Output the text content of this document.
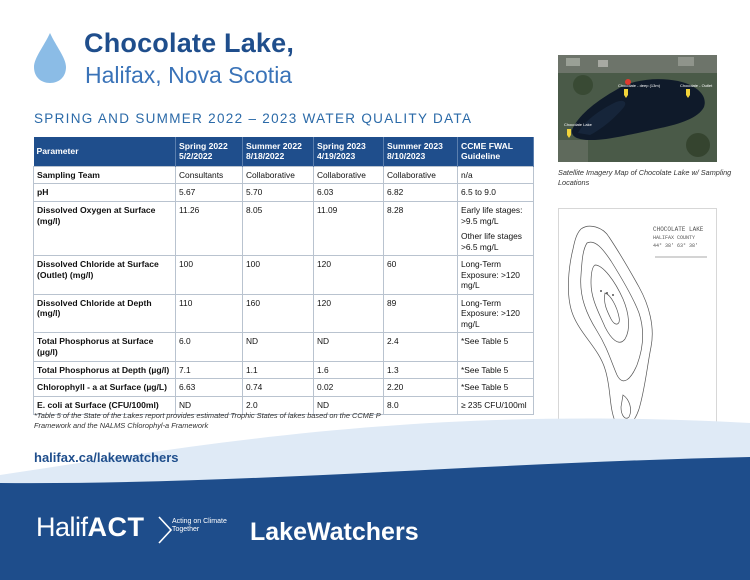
Chocolate Lake,
Halifax, Nova Scotia
SPRING AND SUMMER 2022 – 2023 WATER QUALITY DATA
Parameter	Spring 2022 5/2/2022	Summer 2022 8/18/2022	Spring 2023 4/19/2023	Summer 2023 8/10/2023	CCME FWAL Guideline
Sampling Team	Consultants	Collaborative	Collaborative	Collaborative	n/a

pH	5.67	5.70	6.03	6.82	6.5 to 9.0

Dissolved Oxygen at Surface (mg/l)	11.26	8.05	11.09	8.28	Early life stages: >9.5 mg/L
Other life stages >6.5 mg/L

Dissolved Chloride at Surface (Outlet) (mg/l)	100	100	120	60	Long-Term Exposure: >120 mg/L

Dissolved Chloride at Depth (mg/l)	110	160	120	89	Long-Term Exposure: >120 mg/L

Total Phosphorus at Surface (µg/l)	6.0	ND	ND	2.4	*See Table 5

Total Phosphorus at Depth (µg/l)	7.1	1.1	1.6	1.3	*See Table 5

Chlorophyll - a at Surface (µg/L)	6.63	0.74	0.02	2.20	*See Table 5

E. coli at Surface (CFU/100ml)	ND	2.0	ND	8.0	≥ 235 CFU/100ml
*Table 5 of the State of the Lakes report provides estimated Trophic States of lakes based on the CCME P Framework and the NALMS Chlorophyl-a Framework
Chocolate Lake
Chocolate - deep (13m)	Chocolate - Outlet
Satellite Imagery Map of Chocolate Lake w/ Sampling Locations
CHOCOLATE LAKE
HALIFAX COUNTY
44° 38' 63° 38'
halifax.ca/lakewatchers
HalifACT	Acting on Climate Together	LakeWatchers
